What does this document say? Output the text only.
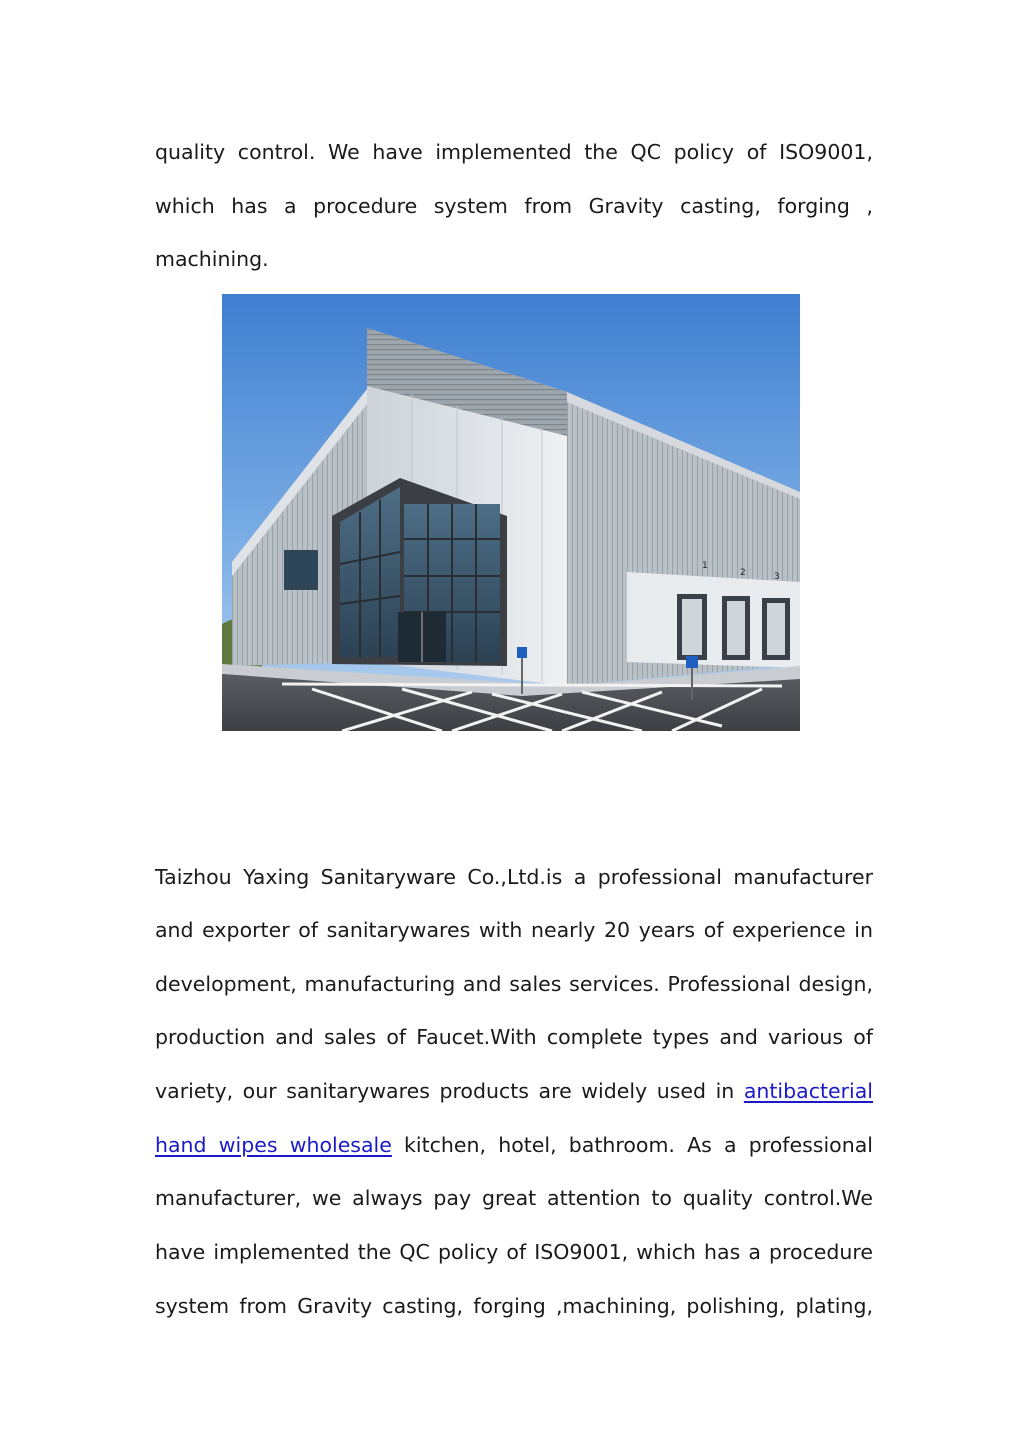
quality control. We have implemented the QC policy of ISO9001,
which has a procedure system from Gravity casting, forging ,
machining.
1
2	3
Taizhou Yaxing Sanitaryware Co.,Ltd.is a professional manufacturer
and exporter of sanitarywares with nearly 20 years of experience in
development, manufacturing and sales services. Professional design,
production and sales of Faucet.With complete types and various of
variety, our sanitarywares products are widely used in antibacterial
hand wipes wholesale kitchen, hotel, bathroom. As a professional
manufacturer, we always pay great attention to quality control.We
have implemented the QC policy of ISO9001, which has a procedure
system from Gravity casting, forging ,machining, polishing, plating,
